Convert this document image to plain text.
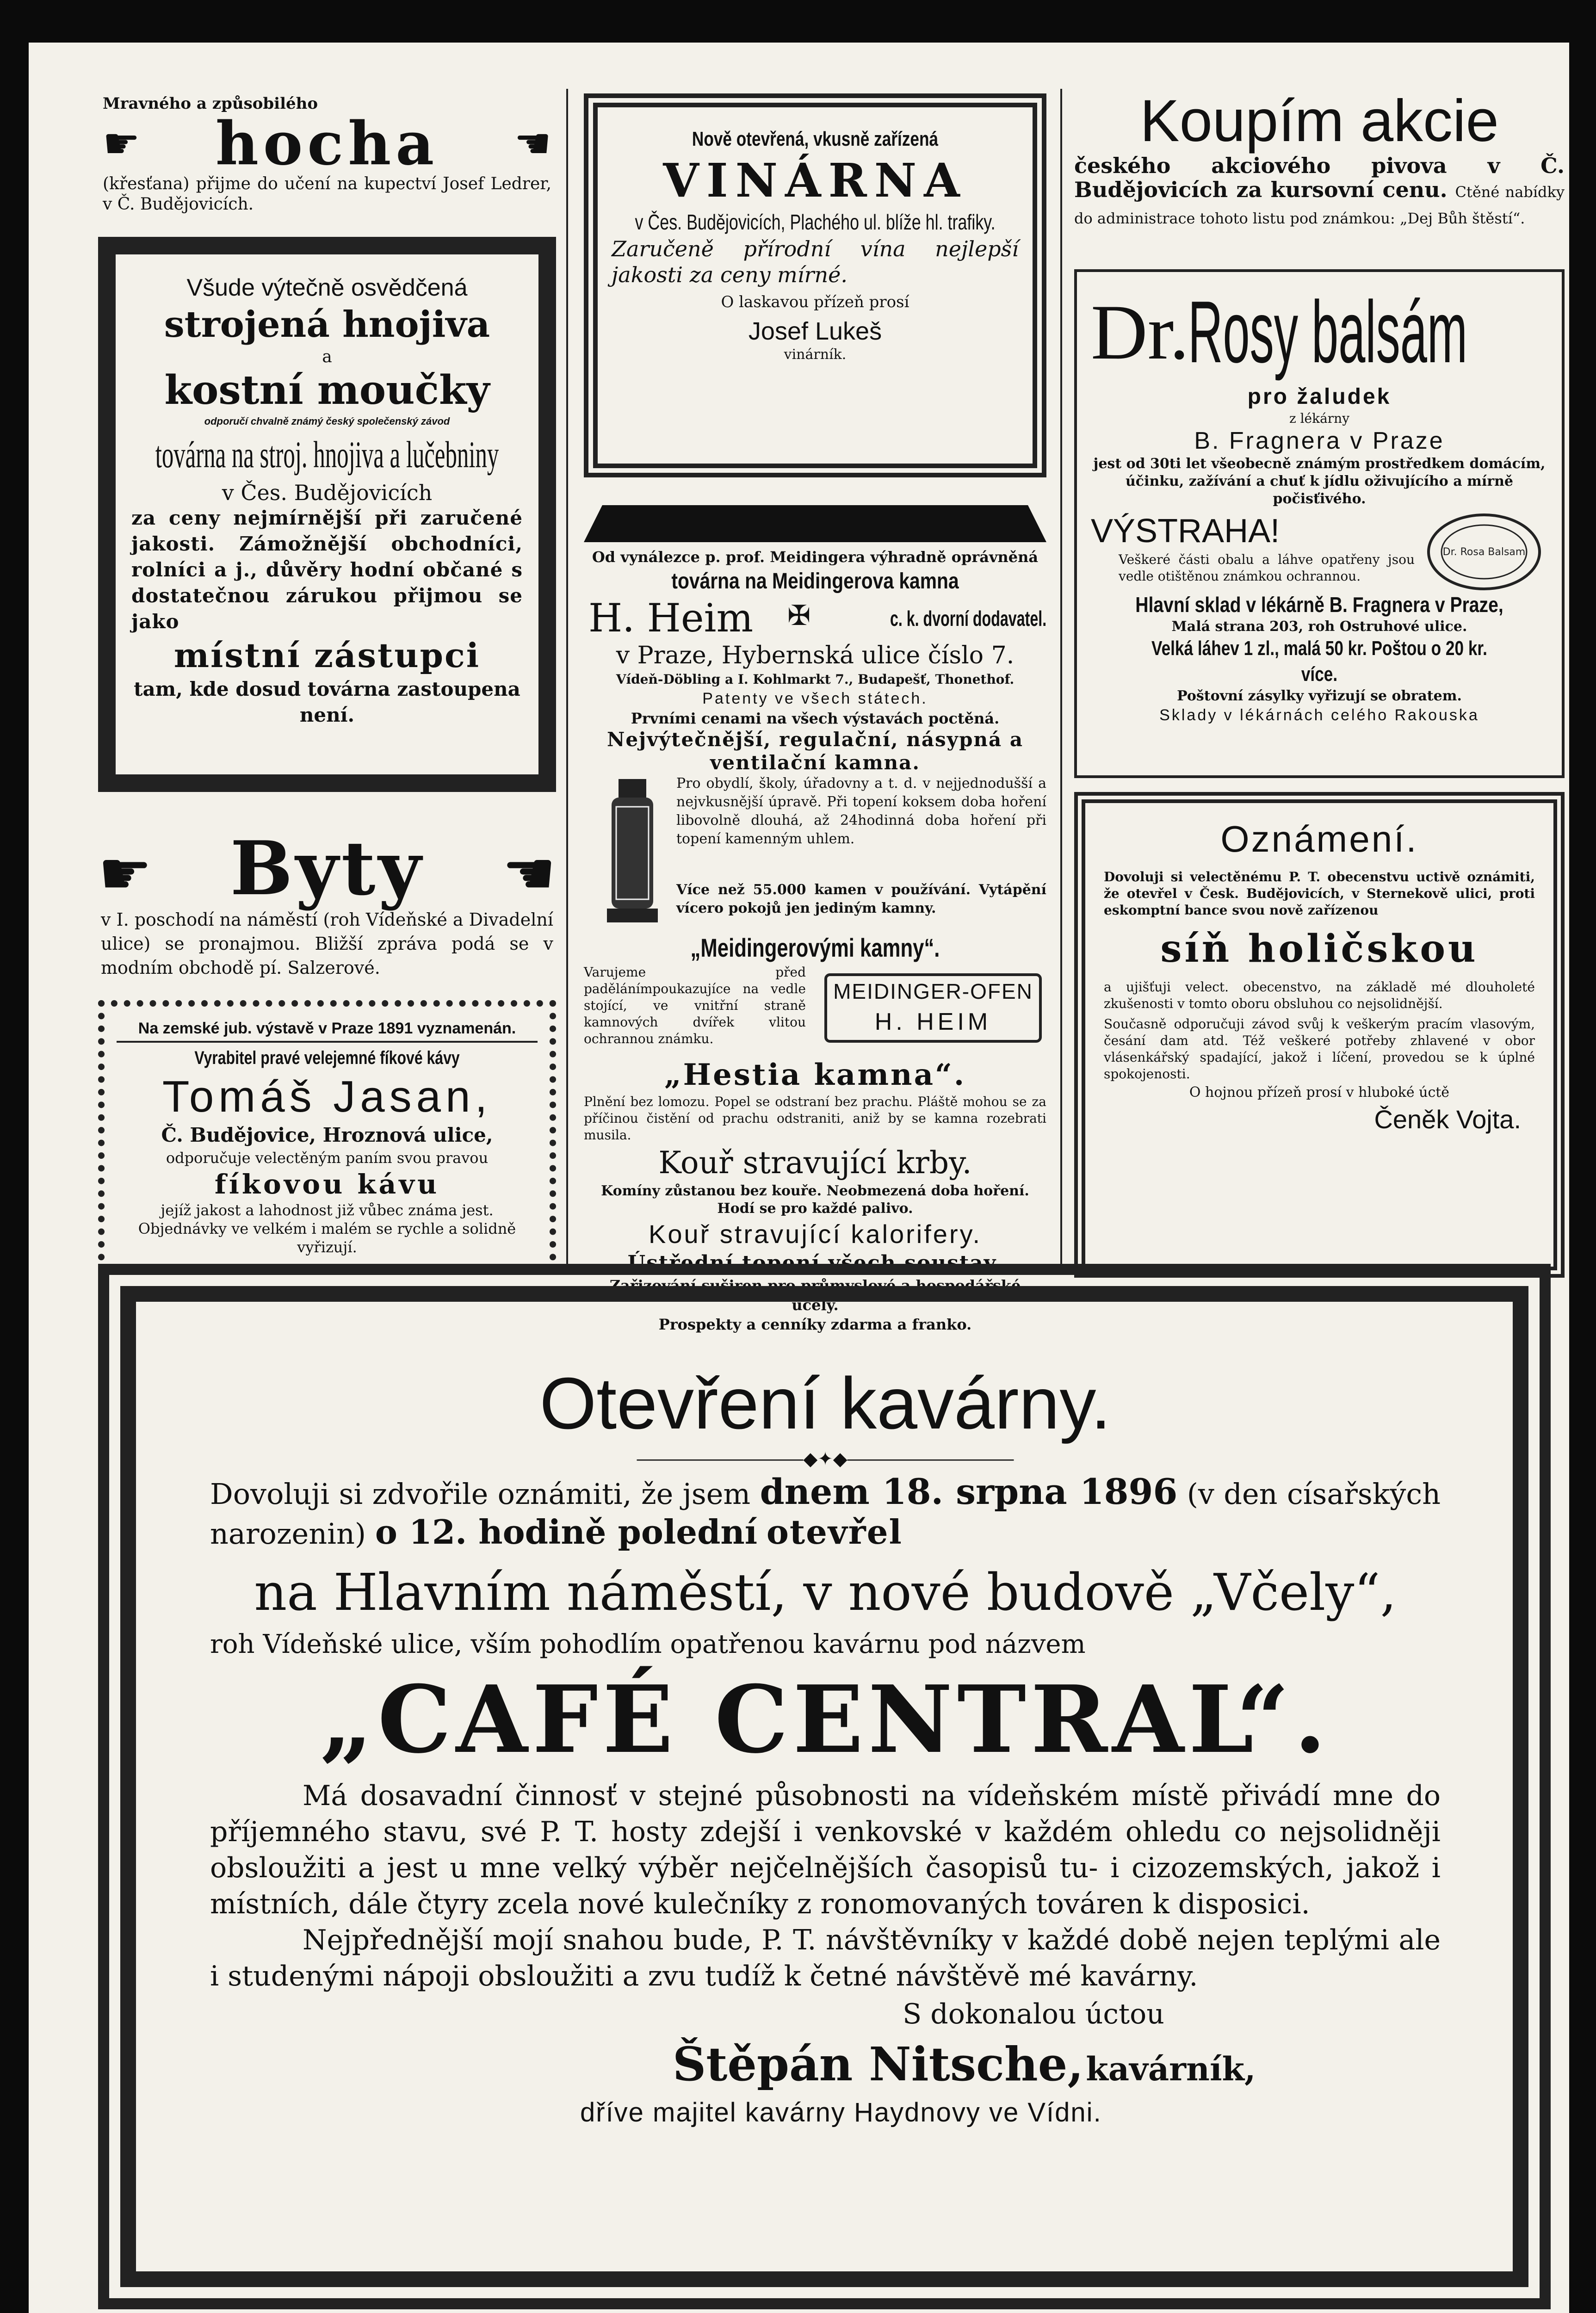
Mravného a způsobilého
☛ hocha ☚
(křesťana) přijme do učení na kupectví Josef Ledrer, v Č. Budějovicích.
Všude výtečně osvědčená
strojená hnojiva
a
kostní moučky
odporučí chvalně známý český společenský závod
továrna na stroj. hnojiva a lučebniny
v Čes. Budějovicích
za ceny nejmírnější při zaručené jakosti. Zámožnější obchodníci, rolníci a j., důvěry hodní občané s dostatečnou zárukou přijmou se jako
místní zástupci
tam, kde dosud továrna zastoupena není.
☛ Byty ☚
v I. poschodí na náměstí (roh Vídeňské a Divadelní ulice) se pronajmou. Bližší zpráva podá se v modním obchodě pí. Salzerové.
Na zemské jub. výstavě v Praze 1891 vyznamenán.
Vyrabitel pravé velejemné fíkové kávy
Tomáš Jasan,
Č. Budějovice, Hroznová ulice,
odporučuje velectěným paním svou pravou
fíkovou kávu
jejíž jakost a lahodnost již vůbec známa jest. Objednávky ve velkém i malém se rychle a solidně vyřizují.
Nově otevřená, vkusně zařízená
VINÁRNA
v Čes. Budějovicích, Plachého ul. blíže hl. trafiky.
Zaručeně přírodní vína nejlepší jakosti za ceny mírné.
O laskavou přízeň prosí
Josef Lukeš
vinárník.
Od vynálezce p. prof. Meidingera výhradně oprávněná
továrna na Meidingerova kamna
H. Heim ✠	c. k. dvorní dodavatel.
v Praze, Hybernská ulice číslo 7.
Vídeň-Döbling a I. Kohlmarkt 7., Budapešť, Thonethof.
Patenty ve všech státech.
Prvními cenami na všech výstavách poctěná.
Nejvýtečnější, regulační, násypná a ventilační kamna.
Pro obydlí, školy, úřadovny a t. d. v nejjednodušší a nejvkusnější úpravě. Při topení koksem doba hoření libovolně dlouhá, až 24hodinná doba hoření při topení kamenným uhlem.
Více než 55.000 kamen v používání. Vytápění vícero pokojů jen jediným kamny.
„Meidingerovými kamny“.
Varujeme před padělánímpoukazujíce na vedle stojící, ve vnitřní straně kamnových dvířek vlitou ochrannou známku.
MEIDINGER-OFEN
H. HEIM
„Hestia kamna“.
Plnění bez lomozu. Popel se odstraní bez prachu. Pláště mohou se za příčinou čistění od prachu odstraniti, aniž by se kamna rozebrati musila.
Kouř stravující krby.
Komíny zůstanou bez kouře. Neobmezená doba hoření. Hodí se pro každé palivo.
Kouř stravující kalorifery.
Ústřední topení všech soustav.
Zařizování suširen pro průmyslové a hospodářské účely.
Prospekty a cenníky zdarma a franko.
Koupím akcie
českého akciového pivova v Č. Budějovicích za kursovní cenu. Ctěné nabídky do administrace tohoto listu pod známkou: „Dej Bůh štěstí“.
Dr.
Rosy balsám
pro žaludek
z lékárny
B. Fragnera v Praze
jest od 30ti let všeobecně známým prostředkem domácím, účinku, zažívání a chuť k jídlu oživujícího a mírně počisťivého.
VÝSTRAHA!
Veškeré části obalu a láhve opatřeny jsou vedle otištěnou známkou ochrannou.
Dr. Rosa Balsam
Hlavní sklad v lékárně B. Fragnera v Praze,
Malá strana 203, roh Ostruhové ulice.
Velká láhev 1 zl., malá 50 kr. Poštou o 20 kr. více.
Poštovní zásylky vyřizují se obratem.
Sklady v lékárnách celého Rakouska
Oznámení.
Dovoluji si velectěnému P. T. obecenstvu uctivě oznámiti, že otevřel v Česk. Budějovicích, v Sternekově ulici, proti eskomptní bance svou nově zařízenou
síň holičskou
a ujišťuji velect. obecenstvo, na základě mé dlouholeté zkušenosti v tomto oboru obsluhou co nejsolidnější.
Současně odporučuji závod svůj k veškerým pracím vlasovým, česání dam atd. Též veškeré potřeby zhlavené v obor vlásenkářský spadající, jakož i líčení, provedou se k úplné spokojenosti.
O hojnou přízeň prosí v hluboké úctě
Čeněk Vojta.
Otevření kavárny.
―――――――――◆✦◆―――――――――
Dovoluji si zdvořile oznámiti, že jsem dnem 18. srpna 1896 (v den císařských narozenin) o 12. hodině polední otevřel
na Hlavním náměstí, v nové budově „Včely“,
roh Vídeňské ulice, vším pohodlím opatřenou kavárnu pod názvem
„CAFÉ CENTRAL“.
Má dosavadní činnosť v stejné působnosti na vídeňském místě přivádí mne do příjemného stavu, své P. T. hosty zdejší i venkovské v každém ohledu co nejsolidněji obsloužiti a jest u mne velký výběr nejčelnějších časopisů tu- i cizozemských, jakož i místních, dále čtyry zcela nové kulečníky z ronomovaných továren k disposici.
Nejpřednější mojí snahou bude, P. T. návštěvníky v každé době nejen teplými ale i studenými nápoji obsloužiti a zvu tudíž k četné návštěvě mé kavárny.
S dokonalou úctou
Štěpán Nitsche, kavárník,
dříve majitel kavárny Haydnovy ve Vídni.
